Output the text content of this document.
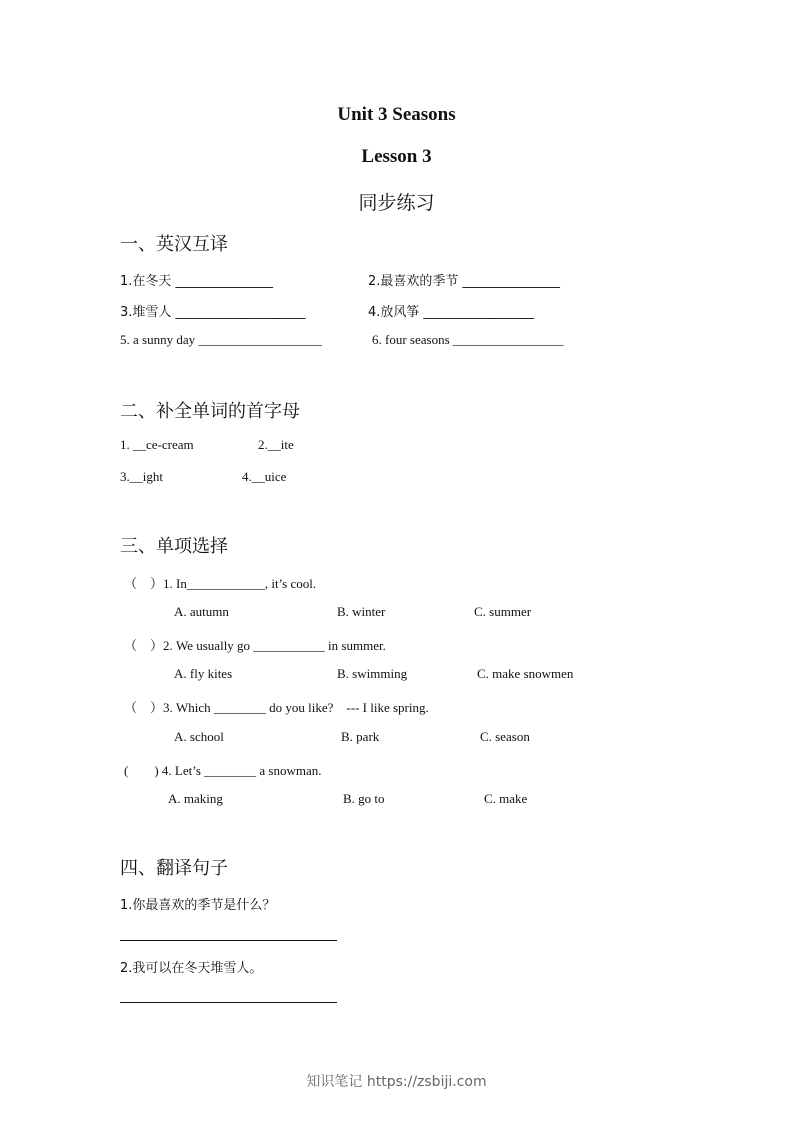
Unit 3 Seasons
Lesson 3
同步练习
一、英汉互译
1.在冬天 _______________	2.最喜欢的季节 _______________
3.堆雪人 ____________________	4.放风筝 _________________
5. a sunny day ___________________	6. four seasons _________________
二、补全单词的首字母
1. __ce-cream	2.__ite
3.__ight	4.__uice
三、单项选择
（　）1. In____________, it’s cool.
A. autumn	B. winter	C. summer
（　）2. We usually go ___________ in summer.
A. fly kites	B. swimming	C. make snowmen
（　）3. Which ________ do you like?　--- I like spring.
A. school	B. park	C. season
(　　) 4. Let’s ________ a snowman.
A. making	B. go to	C. make
四、翻译句子
1.你最喜欢的季节是什么？
2.我可以在冬天堆雪人。
知识笔记 https://zsbiji.com
